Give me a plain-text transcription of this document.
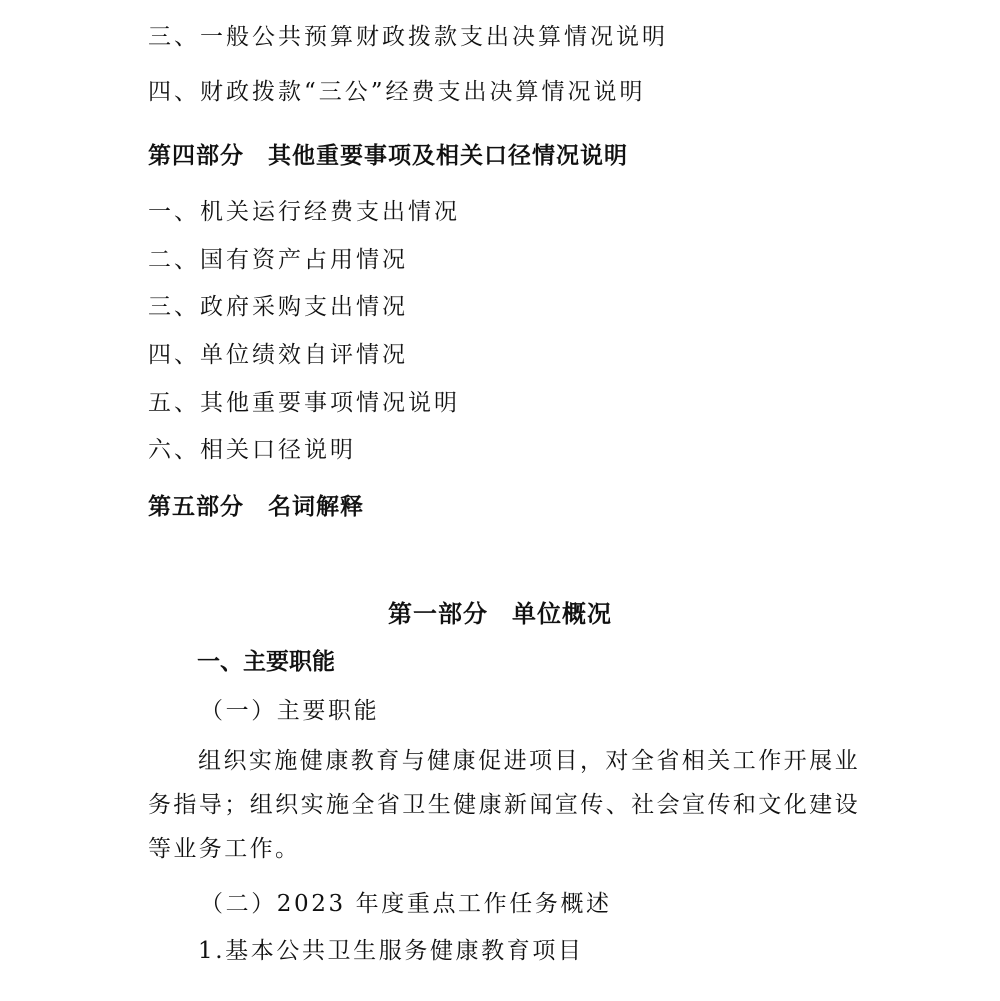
三、一般公共预算财政拨款支出决算情况说明
四、财政拨款“三公”经费支出决算情况说明
第四部分 其他重要事项及相关口径情况说明
一、机关运行经费支出情况
二、国有资产占用情况
三、政府采购支出情况
四、单位绩效自评情况
五、其他重要事项情况说明
六、相关口径说明
第五部分 名词解释
第一部分 单位概况
一、主要职能
（一）主要职能

组织实施健康教育与健康促进项目，对全省相关工作开展业务指导；组织实施全省卫生健康新闻宣传、社会宣传和文化建设等业务工作。

（二）2023 年度重点工作任务概述
1.基本公共卫生服务健康教育项目
